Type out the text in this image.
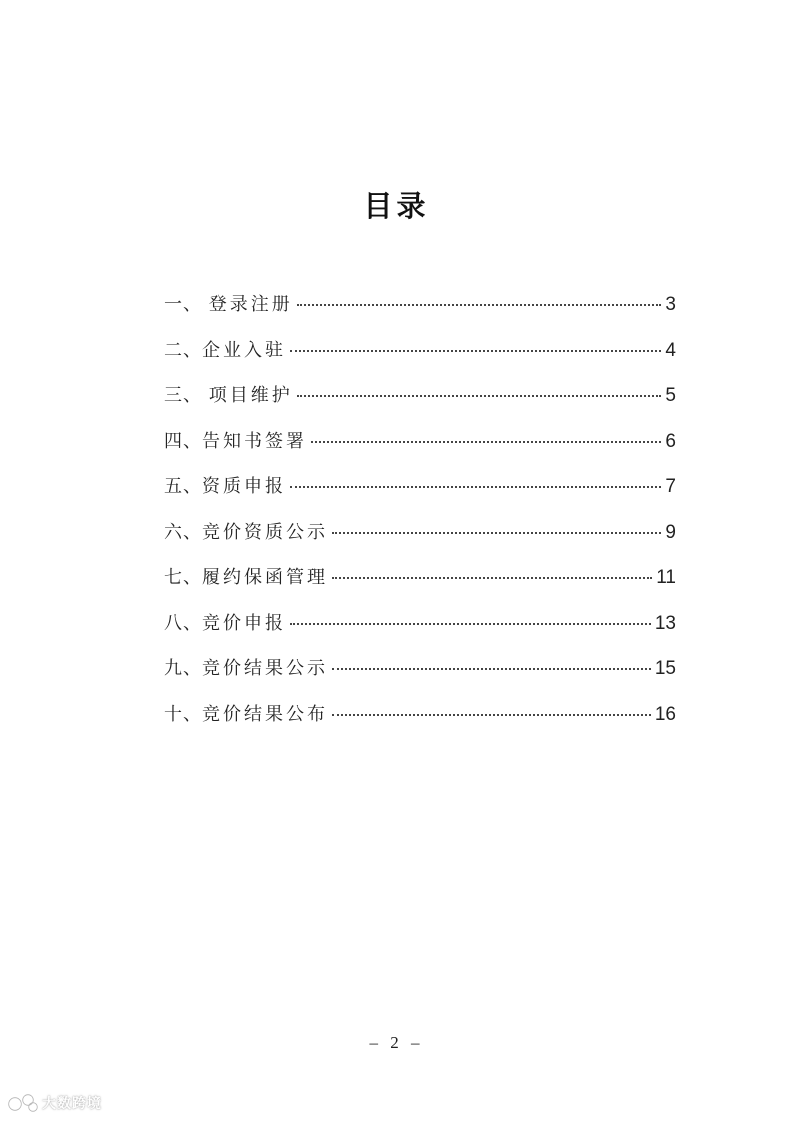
目录
一、 登录注册	3
二、 企业入驻	4
三、 项目维护	5
四、 告知书签署	6
五、 资质申报	7
六、 竞价资质公示	9
七、 履约保函管理	11
八、 竞价申报	13
九、 竞价结果公示	15
十、 竞价结果公布	16
– 2 –
大数跨境
